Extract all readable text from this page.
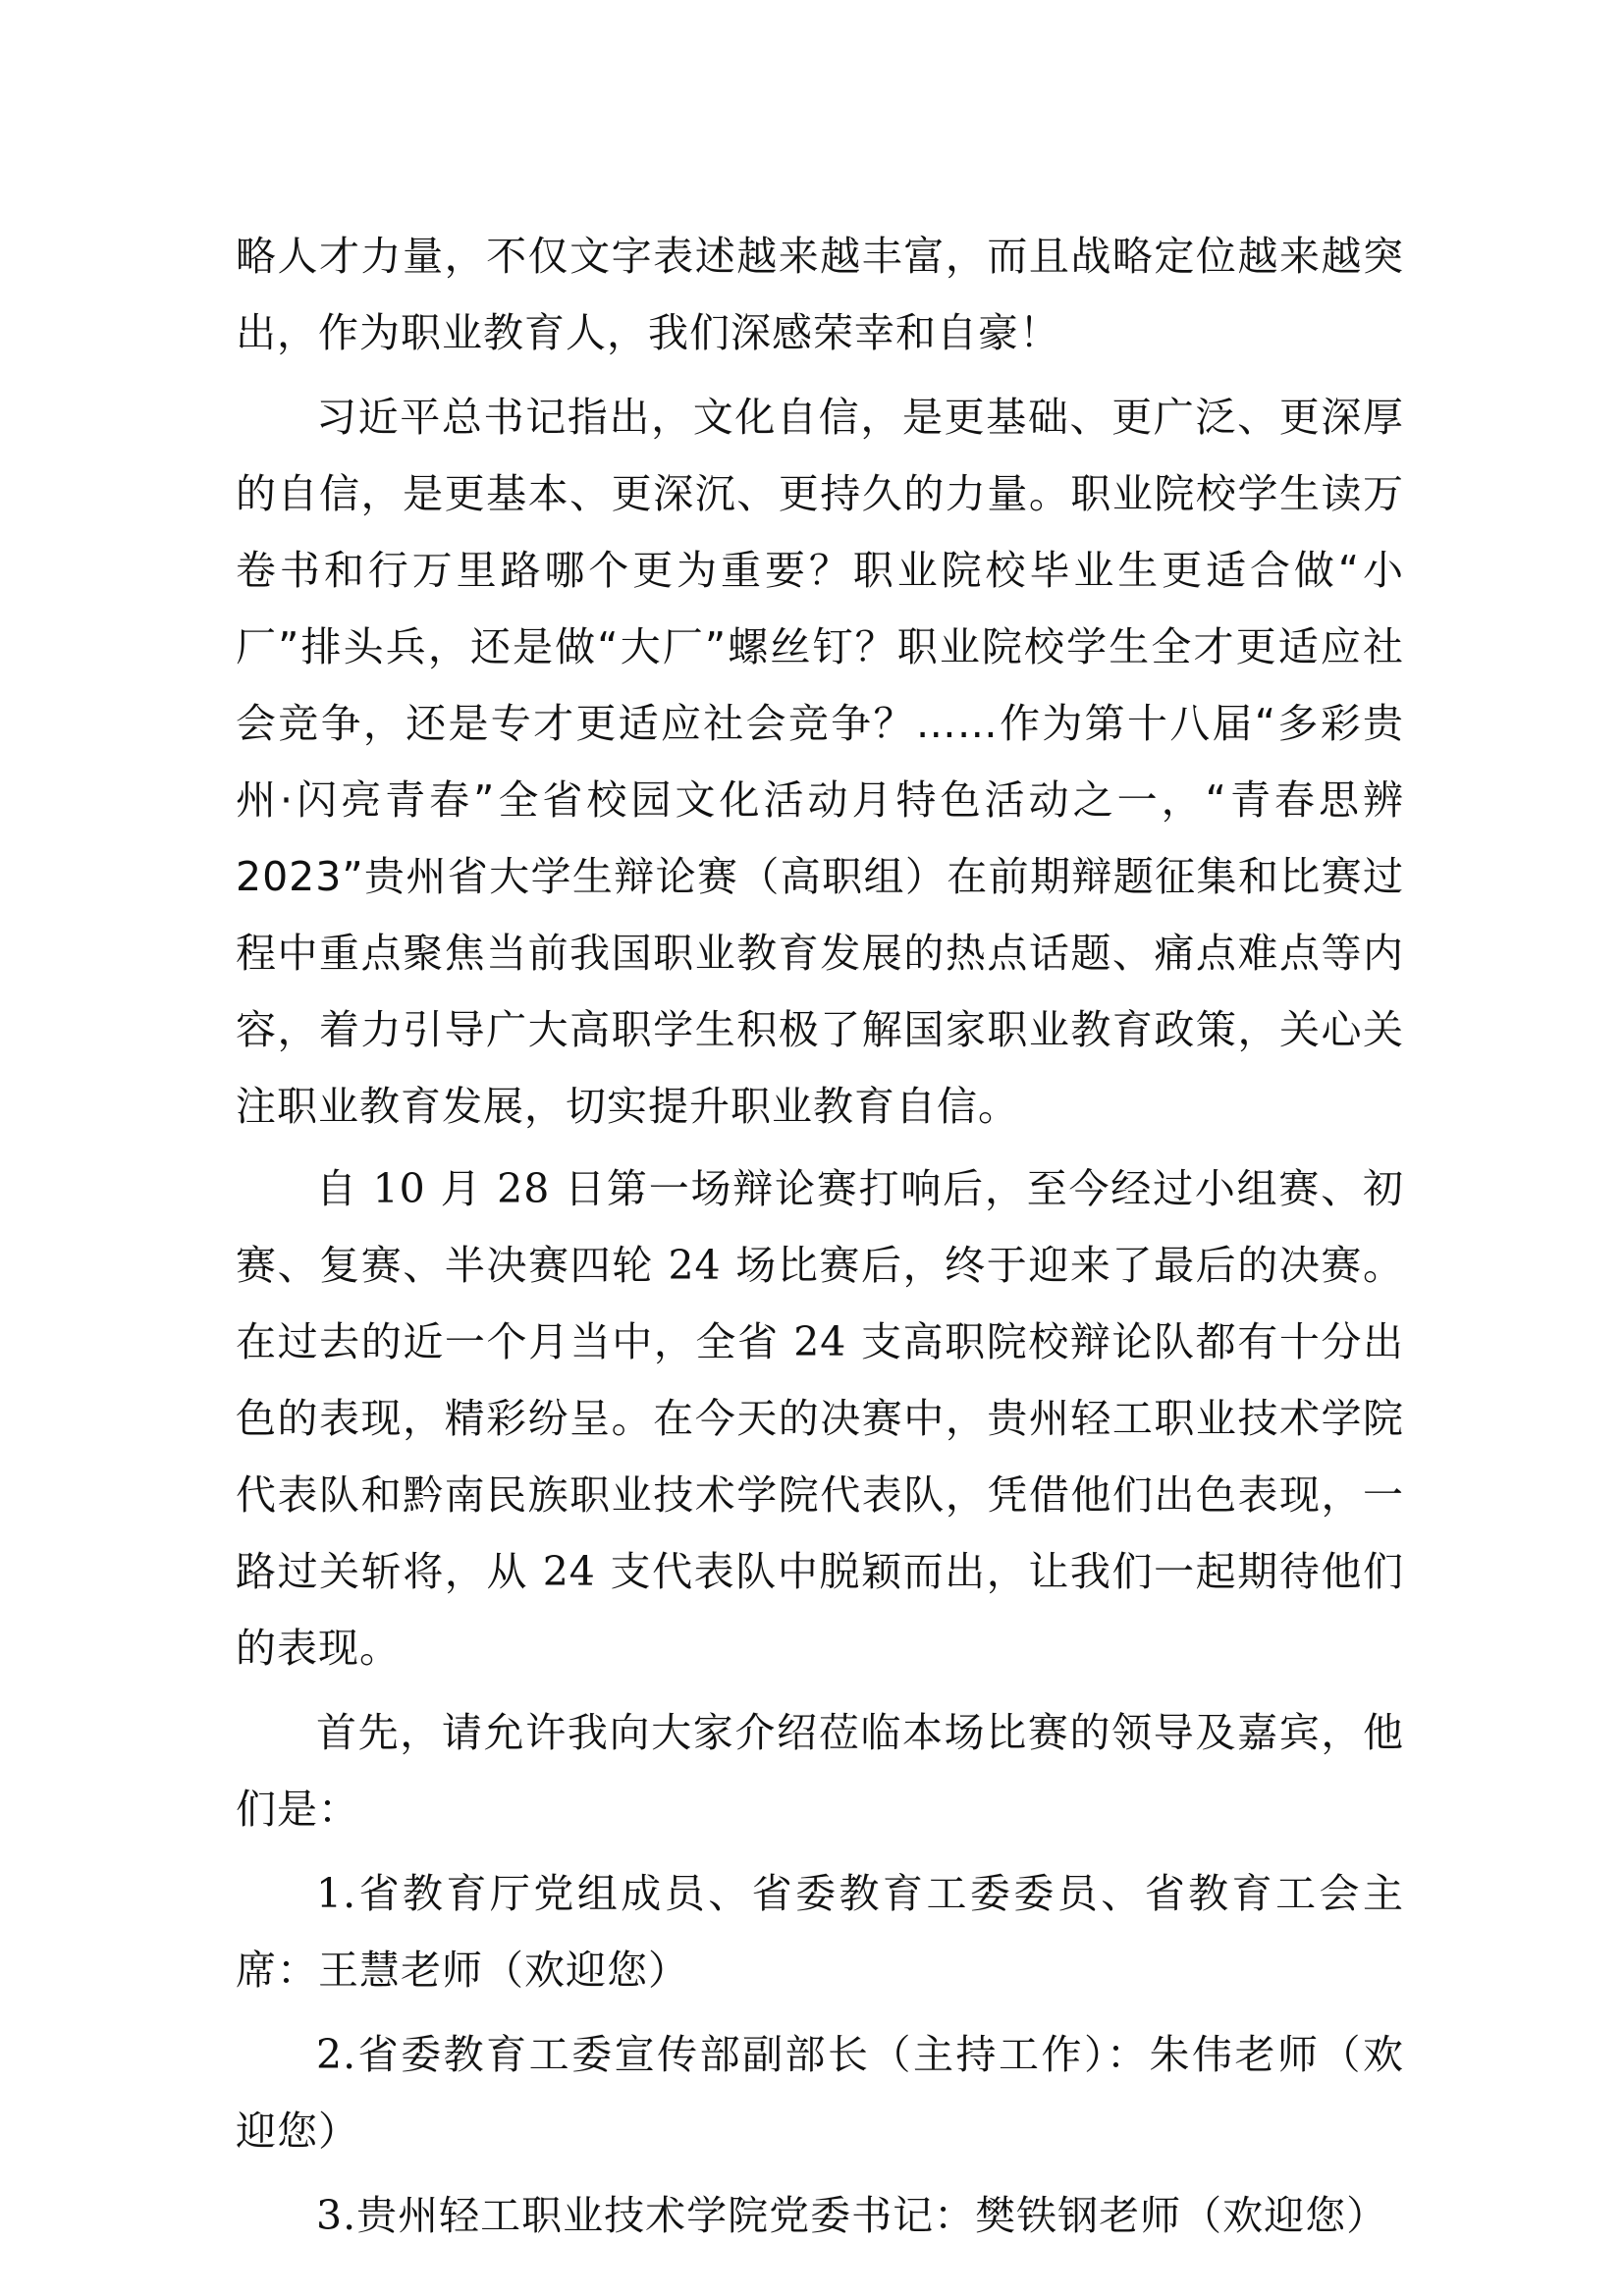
略人才力量，不仅文字表述越来越丰富，而且战略定位越来越突出，作为职业教育人，我们深感荣幸和自豪！

习近平总书记指出，文化自信，是更基础、更广泛、更深厚的自信，是更基本、更深沉、更持久的力量。职业院校学生读万卷书和行万里路哪个更为重要？职业院校毕业生更适合做“小厂”排头兵，还是做“大厂”螺丝钉？职业院校学生全才更适应社会竞争，还是专才更适应社会竞争？……作为第十八届“多彩贵州·闪亮青春”全省校园文化活动月特色活动之一，“青春思辨2023”贵州省大学生辩论赛（高职组）在前期辩题征集和比赛过程中重点聚焦当前我国职业教育发展的热点话题、痛点难点等内容，着力引导广大高职学生积极了解国家职业教育政策，关心关注职业教育发展，切实提升职业教育自信。

自 10 月 28 日第一场辩论赛打响后，至今经过小组赛、初赛、复赛、半决赛四轮 24 场比赛后，终于迎来了最后的决赛。在过去的近一个月当中，全省 24 支高职院校辩论队都有十分出色的表现，精彩纷呈。在今天的决赛中，贵州轻工职业技术学院代表队和黔南民族职业技术学院代表队，凭借他们出色表现，一路过关斩将，从 24 支代表队中脱颖而出，让我们一起期待他们的表现。

首先，请允许我向大家介绍莅临本场比赛的领导及嘉宾，他们是：

1.省教育厅党组成员、省委教育工委委员、省教育工会主席：王慧老师（欢迎您）

2.省委教育工委宣传部副部长（主持工作）：朱伟老师（欢迎您）

3.贵州轻工职业技术学院党委书记：樊铁钢老师（欢迎您）
